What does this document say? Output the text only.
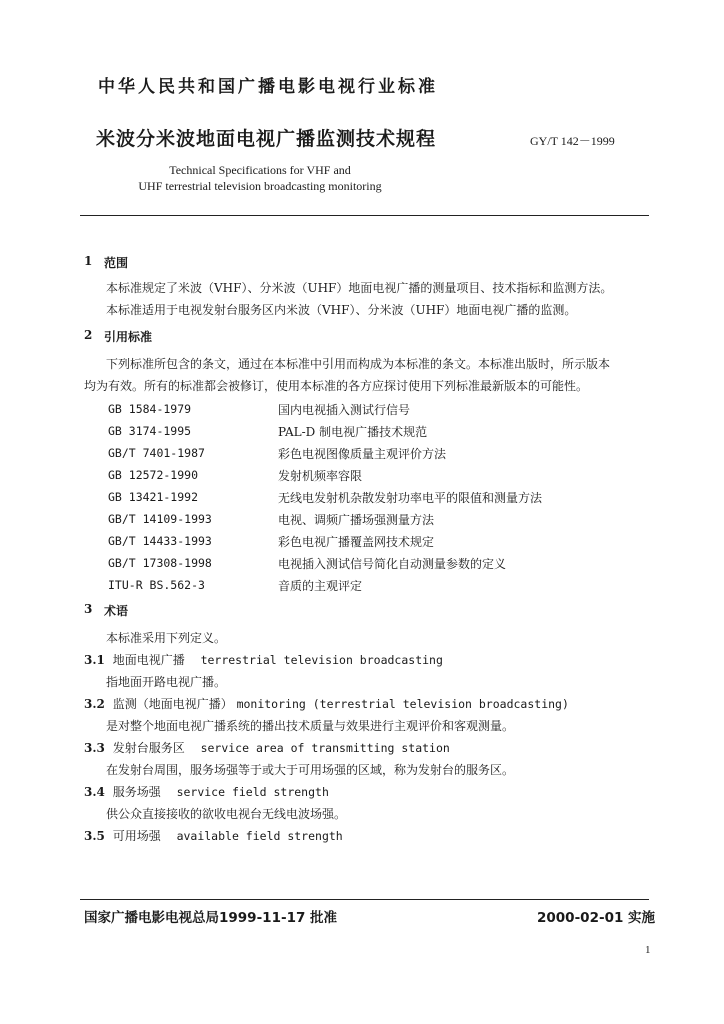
中华人民共和国广播电影电视行业标准
米波分米波地面电视广播监测技术规程	GY/T 142－1999
Technical Specifications for VHF and
UHF terrestrial television broadcasting monitoring
1 范围
本标准规定了米波（VHF）、分米波（UHF）地面电视广播的测量项目、技术指标和监测方法。
本标准适用于电视发射台服务区内米波（VHF）、分米波（UHF）地面电视广播的监测。
2 引用标准
下列标准所包含的条文，通过在本标准中引用而构成为本标准的条文。本标准出版时，所示版本
均为有效。所有的标准都会被修订，使用本标准的各方应探讨使用下列标准最新版本的可能性。
GB 1584-1979	国内电视插入测试行信号
GB 3174-1995	PAL-D 制电视广播技术规范
GB/T 7401-1987	彩色电视图像质量主观评价方法
GB 12572-1990	发射机频率容限
GB 13421-1992	无线电发射机杂散发射功率电平的限值和测量方法
GB/T 14109-1993	电视、调频广播场强测量方法
GB/T 14433-1993	彩色电视广播覆盖网技术规定
GB/T 17308-1998	电视插入测试信号简化自动测量参数的定义
ITU-R BS.562-3	音质的主观评定
3 术语
本标准采用下列定义。
3.1 地面电视广播 terrestrial television broadcasting
指地面开路电视广播。
3.2 监测（地面电视广播） monitoring (terrestrial television broadcasting)
是对整个地面电视广播系统的播出技术质量与效果进行主观评价和客观测量。
3.3 发射台服务区 service area of transmitting station
在发射台周围，服务场强等于或大于可用场强的区域，称为发射台的服务区。
3.4 服务场强 service field strength
供公众直接接收的欲收电视台无线电波场强。
3.5 可用场强 available field strength
国家广播电影电视总局1999-11-17 批准	2000-02-01 实施
1
